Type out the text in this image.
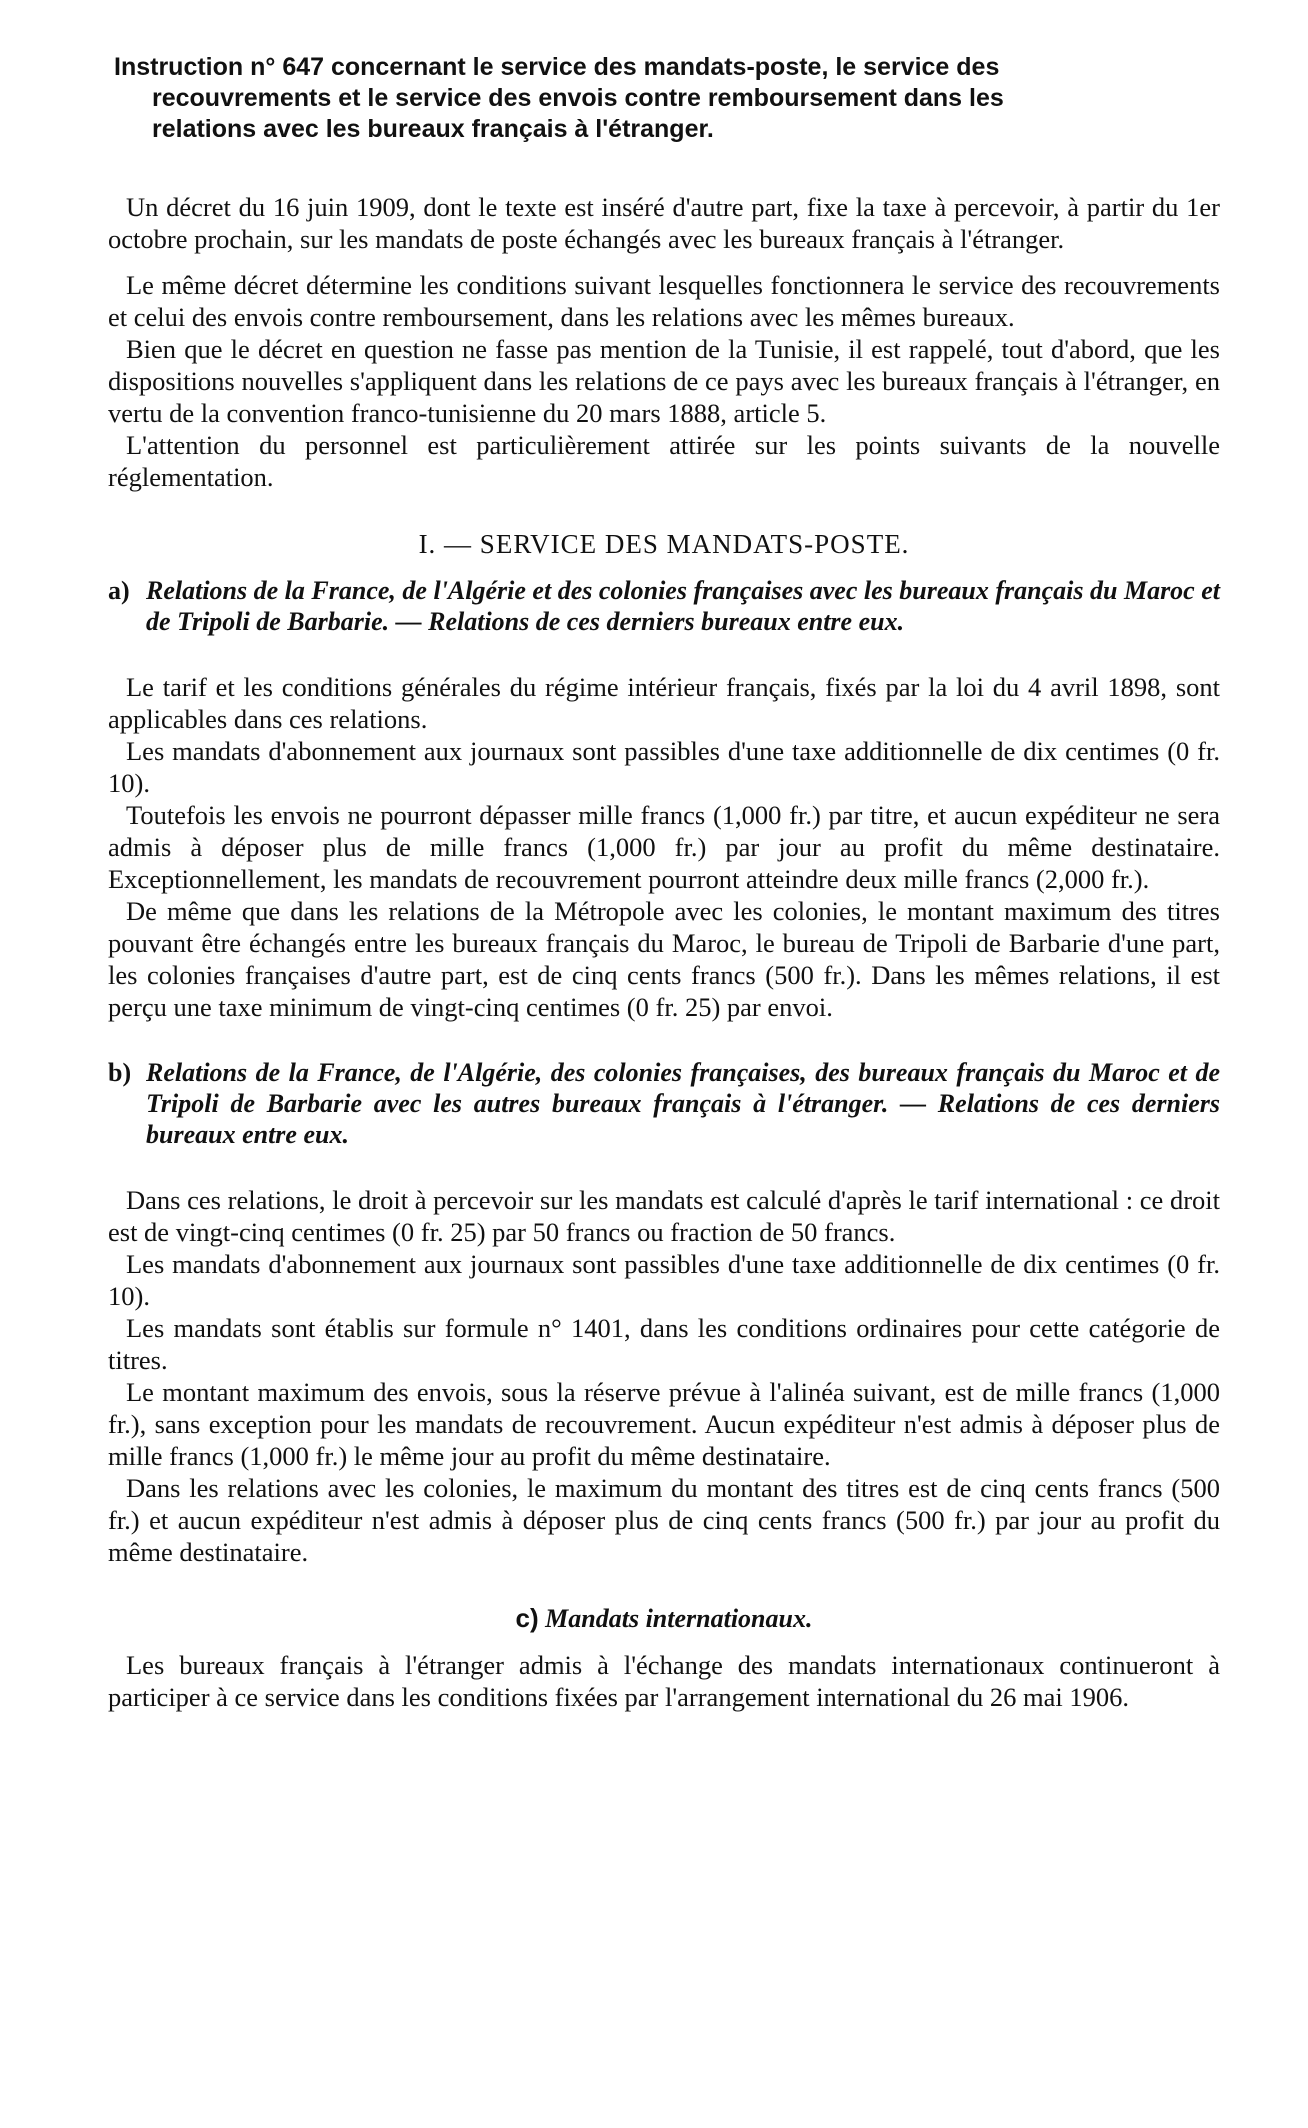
Instruction n° 647 concernant le service des mandats-poste, le service des
recouvrements et le service des envois contre remboursement dans les
relations avec les bureaux français à l'étranger.

Un décret du 16 juin 1909, dont le texte est inséré d'autre part, fixe la taxe à percevoir, à partir du 1er octobre prochain, sur les mandats de poste échangés avec les bureaux français à l'étranger.

Le même décret détermine les conditions suivant lesquelles fonctionnera le service des recouvrements et celui des envois contre remboursement, dans les relations avec les mêmes bureaux.

Bien que le décret en question ne fasse pas mention de la Tunisie, il est rappelé, tout d'abord, que les dispositions nouvelles s'appliquent dans les relations de ce pays avec les bureaux français à l'étranger, en vertu de la convention franco-tunisienne du 20 mars 1888, article 5.

L'attention du personnel est particulièrement attirée sur les points suivants de la nouvelle réglementation.

I. — SERVICE DES MANDATS-POSTE.
a) Relations de la France, de l'Algérie et des colonies françaises avec les bureaux français du Maroc et de Tripoli de Barbarie. — Relations de ces derniers bureaux entre eux.

Le tarif et les conditions générales du régime intérieur français, fixés par la loi du 4 avril 1898, sont applicables dans ces relations.

Les mandats d'abonnement aux journaux sont passibles d'une taxe additionnelle de dix centimes (0 fr. 10).

Toutefois les envois ne pourront dépasser mille francs (1,000 fr.) par titre, et aucun expéditeur ne sera admis à déposer plus de mille francs (1,000 fr.) par jour au profit du même destinataire. Exceptionnellement, les mandats de recouvrement pourront atteindre deux mille francs (2,000 fr.).

De même que dans les relations de la Métropole avec les colonies, le montant maximum des titres pouvant être échangés entre les bureaux français du Maroc, le bureau de Tripoli de Barbarie d'une part, les colonies françaises d'autre part, est de cinq cents francs (500 fr.). Dans les mêmes relations, il est perçu une taxe minimum de vingt-cinq centimes (0 fr. 25) par envoi.

b) Relations de la France, de l'Algérie, des colonies françaises, des bureaux français du Maroc et de Tripoli de Barbarie avec les autres bureaux français à l'étranger. — Relations de ces derniers bureaux entre eux.

Dans ces relations, le droit à percevoir sur les mandats est calculé d'après le tarif international : ce droit est de vingt-cinq centimes (0 fr. 25) par 50 francs ou fraction de 50 francs.

Les mandats d'abonnement aux journaux sont passibles d'une taxe additionnelle de dix centimes (0 fr. 10).

Les mandats sont établis sur formule n° 1401, dans les conditions ordinaires pour cette catégorie de titres.

Le montant maximum des envois, sous la réserve prévue à l'alinéa suivant, est de mille francs (1,000 fr.), sans exception pour les mandats de recouvrement. Aucun expéditeur n'est admis à déposer plus de mille francs (1,000 fr.) le même jour au profit du même destinataire.

Dans les relations avec les colonies, le maximum du montant des titres est de cinq cents francs (500 fr.) et aucun expéditeur n'est admis à déposer plus de cinq cents francs (500 fr.) par jour au profit du même destinataire.

c) Mandats internationaux.

Les bureaux français à l'étranger admis à l'échange des mandats internationaux continueront à participer à ce service dans les conditions fixées par l'arrangement international du 26 mai 1906.
